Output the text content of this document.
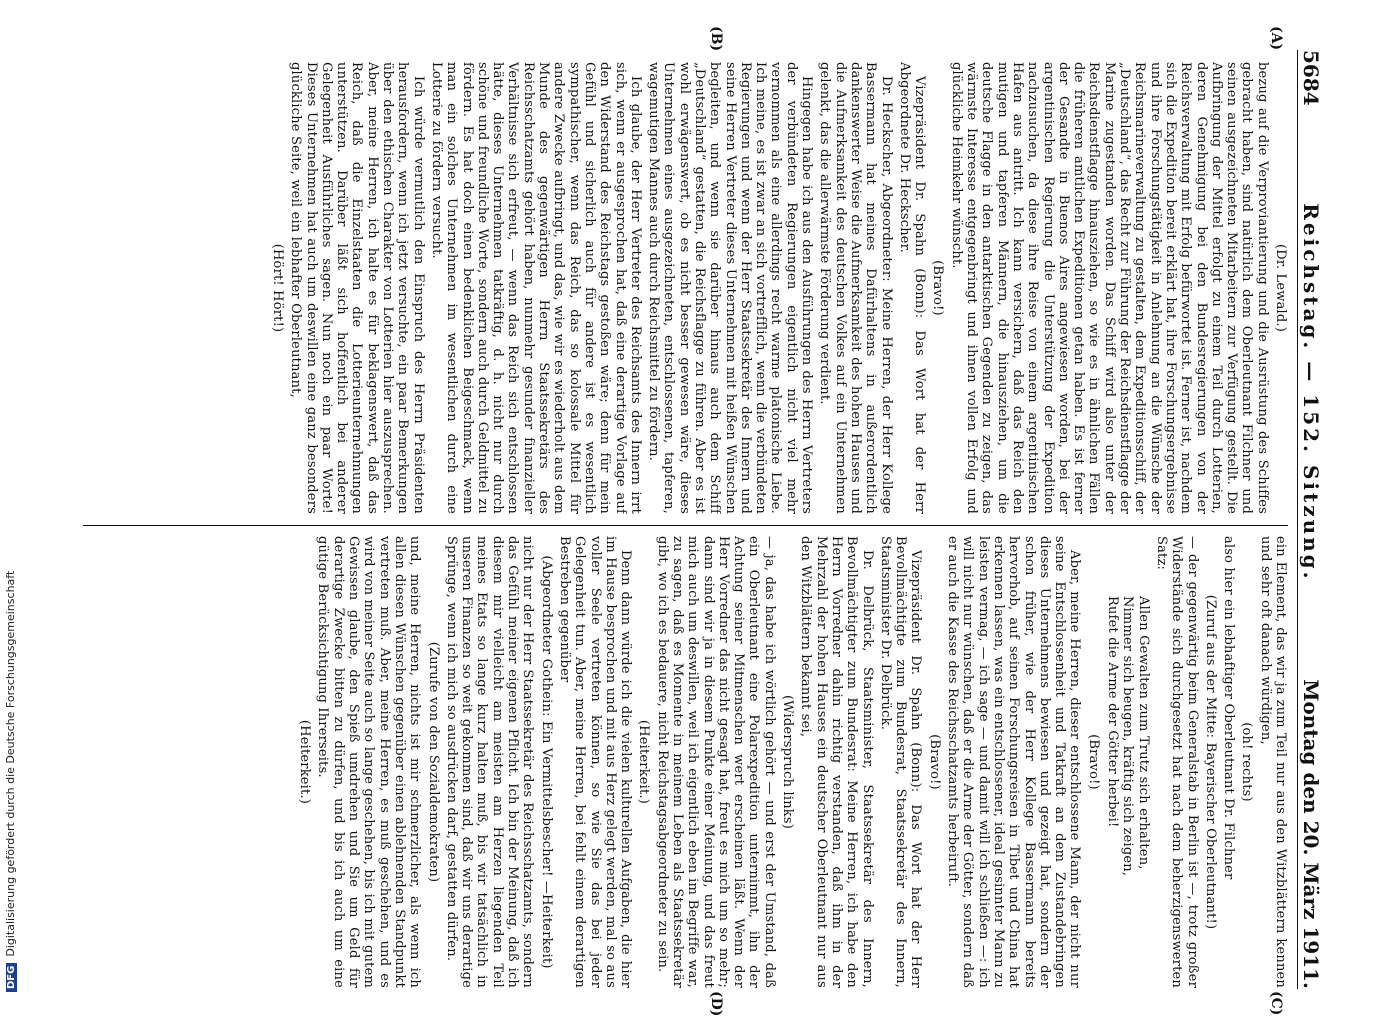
5684
Reichstag. — 152. Sitzung.
Montag den 20. März 1911.
(A)
(B)
(C)
(D)
(Dr. Lewald.)

bezug auf die Verproviantierung und die Ausrüstung des Schiffes gebracht haben, sind natürlich dem Oberleutnant Filchner und seinen ausgezeichneten Mitarbeitern zur Verfügung gestellt. Die Aufbringung der Mittel erfolgt zu einem Teil durch Lotterien, deren Genehmigung bei den Bundesregierungen von der Reichsverwaltung mit Erfolg befürwortet ist. Ferner ist, nachdem sich die Expedition bereit erklärt hat, ihre Forschungsergebnisse und ihre Forschungstätigkeit in Anlehnung an die Wünsche der Reichsmarineverwaltung zu gestalten, dem Expeditionsschiff, der „Deutschland“, das Recht zur Führung der Reichsdienstflagge der Marine zugestanden worden. Das Schiff wird also unter der Reichsdienstflagge hinausziehen, so wie es in ähnlichen Fällen die früheren amtlichen Expeditionen getan haben. Es ist ferner der Gesandte in Buenos Aires angewiesen worden, bei der argentinischen Regierung die Unterstützung der Expedition nachzusuchen, da diese ihre Reise von einem argentinischen Hafen aus antritt. Ich kann versichern, daß das Reich den mutigen und tapferen Männern, die hinausziehen, um die deutsche Flagge in den antarktischen Gegenden zu zeigen, das wärmste Interesse entgegenbringt und ihnen vollen Erfolg und glückliche Heimkehr wünscht.

(Bravo!)

Vizepräsident Dr. Spahn (Bonn): Das Wort hat der Herr Abgeordnete Dr. Heckscher.

Dr. Heckscher, Abgeordneter: Meine Herren, der Herr Kollege Bassermann hat meines Dafürhaltens in außerordentlich dankenswerter Weise die Aufmerksamkeit des hohen Hauses und die Aufmerksamkeit des deutschen Volkes auf ein Unternehmen gelenkt, das die allerwärmste Förderung verdient.

Hingegen habe ich aus den Ausführungen des Herrn Vertreters der verbündeten Regierungen eigentlich nicht viel mehr vernommen als eine allerdings recht warme platonische Liebe. Ich meine, es ist zwar an sich vortrefflich, wenn die verbündeten Regierungen und wenn der Herr Staatssekretär des Innern und seine Herren Vertreter dieses Unternehmen mit heißen Wünschen begleiten, und wenn sie darüber hinaus auch dem Schiff „Deutschland“ gestatten, die Reichsflagge zu führen. Aber es ist wohl erwägenswert, ob es nicht besser gewesen wäre, dieses Unternehmen eines ausgezeichneten, entschlossenen, tapferen, wagemutigen Mannes auch durch Reichsmittel zu fördern.

Ich glaube, der Herr Vertreter des Reichsamts des Innern irrt sich, wenn er ausgesprochen hat, daß eine derartige Vorlage auf den Widerstand des Reichstags gestoßen wäre; denn für mein Gefühl und sicherlich auch für andere ist es wesentlich sympathischer, wenn das Reich, das so kolossale Mittel für andere Zwecke aufbringt, und das, wie wir es wiederholt aus dem Munde des gegenwärtigen Herrn Staatssekretärs des Reichsschatzamts gehört haben, nunmehr gesunder finanzieller Verhältnisse sich erfreut, — wenn das Reich sich entschlossen hätte, dieses Unternehmen tatkräftig, d. h. nicht nur durch schöne und freundliche Worte, sondern auch durch Geldmittel zu fördern. Es hat doch einen bedenklichen Beigeschmack, wenn man ein solches Unternehmen im wesentlichen durch eine Lotterie zu fördern versucht.

Ich würde vermutlich den Einspruch des Herrn Präsidenten herausfordern, wenn ich jetzt versuchte, ein paar Bemerkungen über den ethischen Charakter von Lotterien hier auszusprechen. Aber, meine Herren, ich halte es für beklagenswert, daß das Reich, daß die Einzelstaaten die Lotterieunternehmungen unterstützen. Darüber läßt sich hoffentlich bei anderer Gelegenheit Ausführliches sagen. Nun noch ein paar Worte! Dieses Unternehmen hat auch um deswillen eine ganz besonders glückliche Seite, weil ein lebhafter Oberleutnant,

(Hört! Hört!)

ein Element, das wir ja zum Teil nur aus den Witzblättern kennen und sehr oft danach würdigen,

(oh! rechts)

also hier ein lebhaftiger Oberleutnant Dr. Filchner

(Zuruf aus der Mitte: Bayerischer Oberleutnant!)

— der gegenwärtig beim Generalstab in Berlin ist —, trotz großer Widerstände sich durchgesetzt hat nach dem beherzigenswerten Satz:

Allen Gewalten zum Trutz sich erhalten,
Nimmer sich beugen, kräftig sich zeigen,
Rufet die Arme der Götter herbei!
(Bravo!)

Aber, meine Herren, dieser entschlossene Mann, der nicht nur seine Entschlossenheit und Tatkraft an dem Zustandebringen dieses Unternehmens bewiesen und gezeigt hat, sondern der schon früher, wie der Herr Kollege Bassermann bereits hervorhob, auf seinen Forschungsreisen in Tibet und China hat erkennen lassen, was ein entschlossener, ideal gesinnter Mann zu leisten vermag, — ich sage — und damit will ich schließen —: ich will nicht nur wünschen, daß er die Arme der Götter, sondern daß er auch die Kasse des Reichsschatzamts herbeiruft.

(Bravo!)

Vizepräsident Dr. Spahn (Bonn): Das Wort hat der Herr Bevollmächtigte zum Bundesrat, Staatssekretär des Innern, Staatsminister Dr. Delbrück.

Dr. Delbrück, Staatsminister, Staatssekretär des Innern, Bevollmächtigter zum Bundesrat: Meine Herren, ich habe den Herrn Vorredner dahin richtig verstanden, daß ihm in der Mehrzahl der hohen Hauses ein deutscher Oberleutnant nur aus den Witzblättern bekannt sei,

(Widerspruch links)

— ja, das habe ich wörtlich gehört — und erst der Umstand, daß ein Oberleutnant eine Polarexpedition unternimmt, ihn der Achtung seiner Mitmenschen wert erscheinen läßt. Wenn der Herr Vorredner das nicht gesagt hat, freut es mich um so mehr; dann sind wir ja in diesem Punkte einer Meinung, und das freut mich auch um deswillen, weil ich eigentlich eben im Begriffe war, zu sagen, daß es Momente in meinem Leben als Staatssekretär gibt, wo ich es bedauere, nicht Reichstagsabgeordneter zu sein.

(Heiterkeit.)

Denn dann würde ich die vielen kulturellen Aufgaben, die hier im Hause besprochen und mit aus Herz gelegt werden, mal so aus voller Seele vertreten können, so wie Sie das bei jeder Gelegenheit tun. Aber, meine Herren, bei fehlt einem derartigen Bestreben gegenüber

(Abgeordneter Gothein: Ein Vermittelsbescher! —Heiterkeit)

nicht nur der Herr Staatssekretär des Reichsschatzamts, sondern das Gefühl meiner eigenen Pflicht. Ich bin der Meinung, daß ich diesem mir vielleicht am meisten am Herzen liegenden Teil meines Etats so lange kurz halten muß, bis wir tatsächlich in unseren Finanzen so weit gekommen sind, daß wir uns derartige Sprünge, wenn ich mich so ausdrücken darf, gestatten dürfen.

(Zurufe von den Sozialdemokraten)

und, meine Herren, nichts ist mir schmerzlicher, als wenn ich allen diesen Wünschen gegenüber einen ablehnenden Standpunkt vertreten muß. Aber, meine Herren, es muß geschehen, und es wird von meiner Seite auch so lange geschehen, bis ich mit gutem Gewissen glaube, den Spieß umdrehen und Sie um Geld für derartige Zwecke bitten zu dürfen, und bis ich auch um eine gütige Berücksichtigung Ihrerseits.

(Heiterkeit.)
DFGDigitalisierung gefördert durch die Deutsche Forschungsgemeinschaft
